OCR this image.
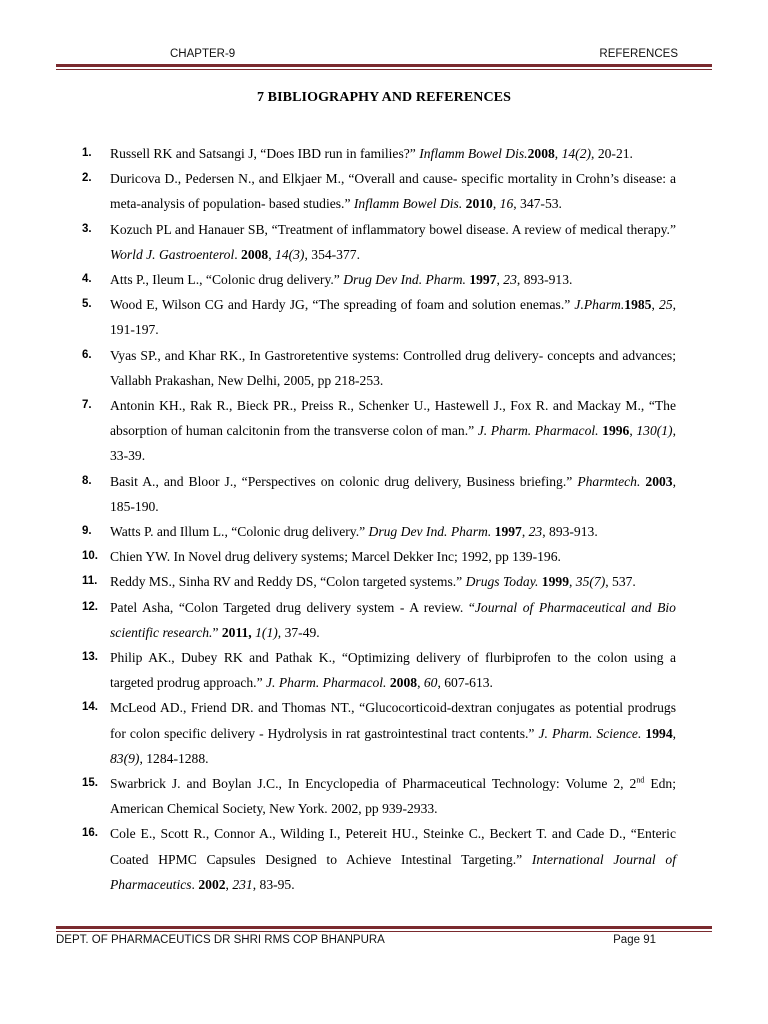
CHAPTER-9	REFERENCES
7 BIBLIOGRAPHY AND REFERENCES
1. Russell RK and Satsangi J, “Does IBD run in families?” Inflamm Bowel Dis.2008, 14(2), 20-21.
2. Duricova D., Pedersen N., and Elkjaer M., “Overall and cause- specific mortality in Crohn’s disease: a meta-analysis of population- based studies.” Inflamm Bowel Dis. 2010, 16, 347-53.
3. Kozuch PL and Hanauer SB, “Treatment of inflammatory bowel disease. A review of medical therapy.” World J. Gastroenterol. 2008, 14(3), 354-377.
4. Atts P., Ileum L., “Colonic drug delivery.” Drug Dev Ind. Pharm. 1997, 23, 893-913.
5. Wood E, Wilson CG and Hardy JG, “The spreading of foam and solution enemas.” J.Pharm.1985, 25, 191-197.
6. Vyas SP., and Khar RK., In Gastroretentive systems: Controlled drug delivery- concepts and advances; Vallabh Prakashan, New Delhi, 2005, pp 218-253.
7. Antonin KH., Rak R., Bieck PR., Preiss R., Schenker U., Hastewell J., Fox R. and Mackay M., “The absorption of human calcitonin from the transverse colon of man.” J. Pharm. Pharmacol. 1996, 130(1), 33-39.
8. Basit A., and Bloor J., “Perspectives on colonic drug delivery, Business briefing.” Pharmtech. 2003, 185-190.
9. Watts P. and Illum L., “Colonic drug delivery.” Drug Dev Ind. Pharm. 1997, 23, 893-913.
10. Chien YW. In Novel drug delivery systems; Marcel Dekker Inc; 1992, pp 139-196.
11. Reddy MS., Sinha RV and Reddy DS, “Colon targeted systems.” Drugs Today. 1999, 35(7), 537.
12. Patel Asha, “Colon Targeted drug delivery system - A review. “Journal of Pharmaceutical and Bio scientific research.” 2011, 1(1), 37-49.
13. Philip AK., Dubey RK and Pathak K., “Optimizing delivery of flurbiprofen to the colon using a targeted prodrug approach.” J. Pharm. Pharmacol. 2008, 60, 607-613.
14. McLeod AD., Friend DR. and Thomas NT., “Glucocorticoid-dextran conjugates as potential prodrugs for colon specific delivery - Hydrolysis in rat gastrointestinal tract contents.” J. Pharm. Science. 1994, 83(9), 1284-1288.
15. Swarbrick J. and Boylan J.C., In Encyclopedia of Pharmaceutical Technology: Volume 2, 2nd Edn; American Chemical Society, New York. 2002, pp 939-2933.
16. Cole E., Scott R., Connor A., Wilding I., Petereit HU., Steinke C., Beckert T. and Cade D., “Enteric Coated HPMC Capsules Designed to Achieve Intestinal Targeting.” International Journal of Pharmaceutics. 2002, 231, 83-95.
DEPT. OF PHARMACEUTICS DR SHRI RMS COP BHANPURA	Page 91
